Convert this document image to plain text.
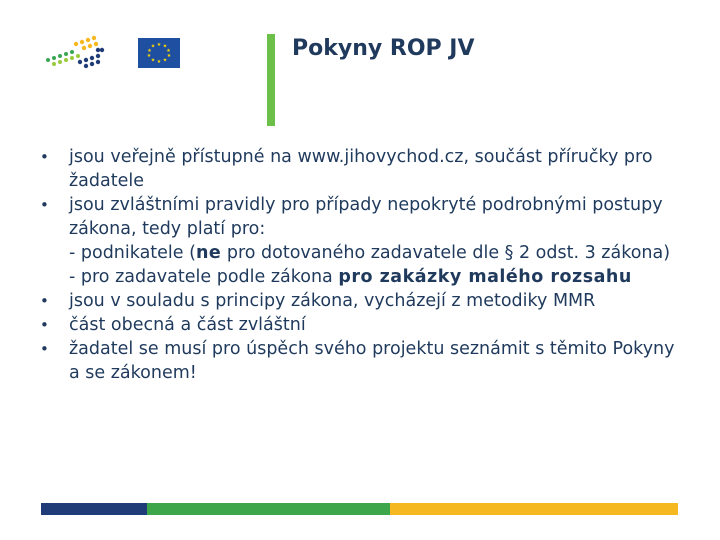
★ ★
★
★
★
★
★
★
★
★	Pokyny ROP JV
•	jsou veřejně přístupné na www.jihovychod.cz, součást příručky pro žadatele
•	jsou zvláštními pravidly pro případy nepokryté podrobnými postupy zákona, tedy platí pro:
- podnikatele (ne pro dotovaného zadavatele dle § 2 odst. 3 zákona)
- pro zadavatele podle zákona pro zakázky malého rozsahu
•	jsou v souladu s principy zákona, vycházejí z metodiky MMR
•	část obecná a část zvláštní
•	žadatel se musí pro úspěch svého projektu seznámit s těmito Pokyny a se zákonem!
